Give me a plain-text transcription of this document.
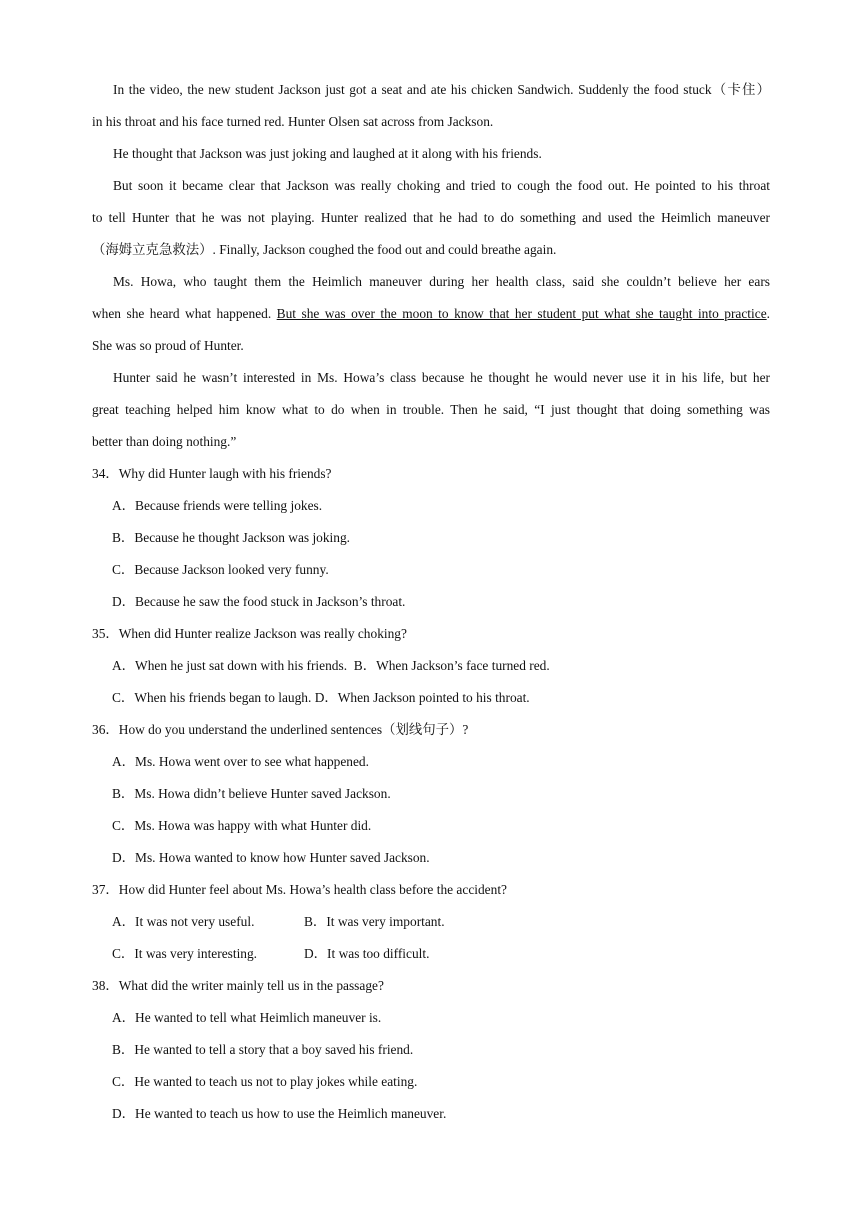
In the video, the new student Jackson just got a seat and ate his chicken Sandwich. Suddenly the food stuck（卡住）
in his throat and his face turned red. Hunter Olsen sat across from Jackson.
He thought that Jackson was just joking and laughed at it along with his friends.
But soon it became clear that Jackson was really choking and tried to cough the food out. He pointed to his throat
to tell Hunter that he was not playing. Hunter realized that he had to do something and used the Heimlich maneuver
（海姆立克急救法）. Finally, Jackson coughed the food out and could breathe again.
Ms. Howa, who taught them the Heimlich maneuver during her health class, said she couldn’t believe her ears
when she heard what happened. But she was over the moon to know that her student put what she taught into practice.
She was so proud of Hunter.
Hunter said he wasn’t interested in Ms. Howa’s class because he thought he would never use it in his life, but her
great teaching helped him know what to do when in trouble. Then he said, “I just thought that doing something was
better than doing nothing.”
34．Why did Hunter laugh with his friends?
A．Because friends were telling jokes.
B．Because he thought Jackson was joking.
C．Because Jackson looked very funny.
D．Because he saw the food stuck in Jackson’s throat.
35．When did Hunter realize Jackson was really choking?
A．When he just sat down with his friends. B．When Jackson’s face turned red.
C．When his friends began to laugh. D．When Jackson pointed to his throat.
36．How do you understand the underlined sentences（划线句子）?
A．Ms. Howa went over to see what happened.
B．Ms. Howa didn’t believe Hunter saved Jackson.
C．Ms. Howa was happy with what Hunter did.
D．Ms. Howa wanted to know how Hunter saved Jackson.
37．How did Hunter feel about Ms. Howa’s health class before the accident?
A．It was not very useful.	B．It was very important.
C．It was very interesting.	D．It was too difficult.
38．What did the writer mainly tell us in the passage?
A．He wanted to tell what Heimlich maneuver is.
B．He wanted to tell a story that a boy saved his friend.
C．He wanted to teach us not to play jokes while eating.
D．He wanted to teach us how to use the Heimlich maneuver.
